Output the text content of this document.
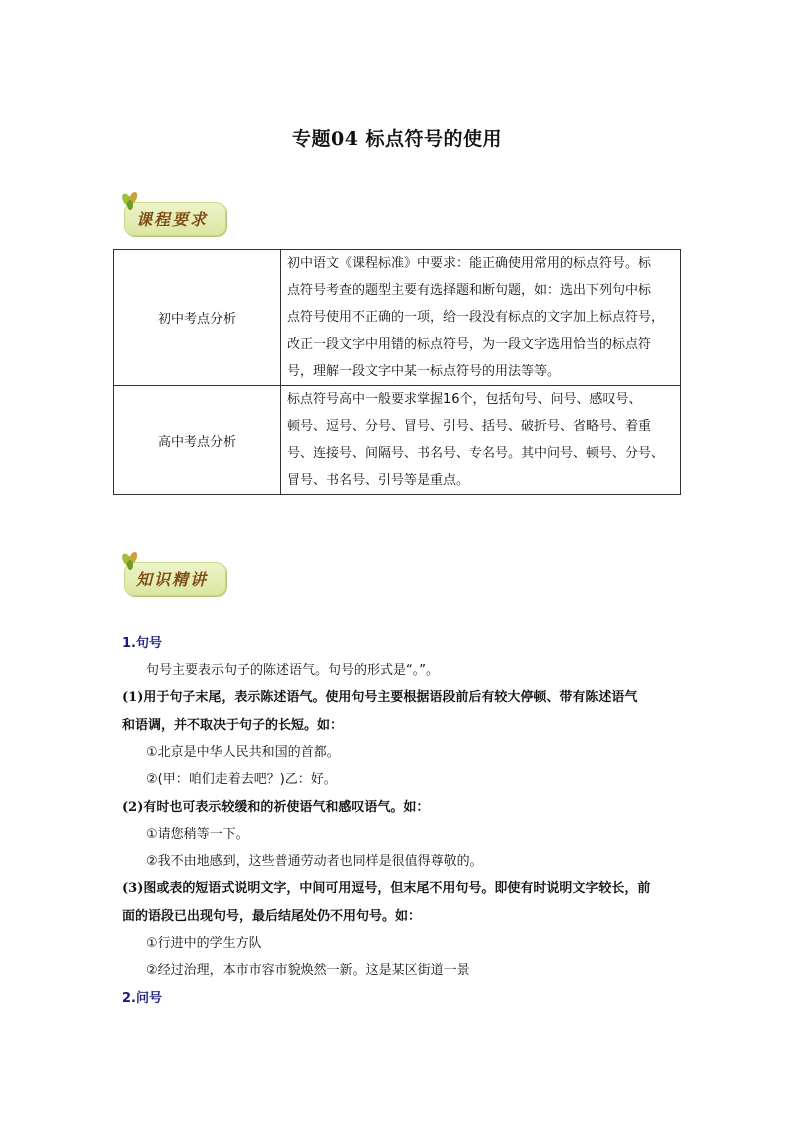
专题04 标点符号的使用
课程要求
初中考点分析	初中语文《课程标准》中要求：能正确使用常用的标点符号。标
点符号考查的题型主要有选择题和断句题，如：选出下列句中标
点符号使用不正确的一项，给一段没有标点的文字加上标点符号，
改正一段文字中用错的标点符号，为一段文字选用恰当的标点符
号，理解一段文字中某一标点符号的用法等等。

高中考点分析	标点符号高中一般要求掌握16个，包括句号、问号、感叹号、
顿号、逗号、分号、冒号、引号、括号、破折号、省略号、着重
号、连接号、间隔号、书名号、专名号。其中问号、顿号、分号、
冒号、书名号、引号等是重点。
知识精讲
1.句号
句号主要表示句子的陈述语气。句号的形式是“。”。
(1)用于句子末尾，表示陈述语气。使用句号主要根据语段前后有较大停顿、带有陈述语气
和语调，并不取决于句子的长短。如：
①北京是中华人民共和国的首都。
②(甲：咱们走着去吧？)乙：好。
(2)有时也可表示较缓和的祈使语气和感叹语气。如：
①请您稍等一下。
②我不由地感到，这些普通劳动者也同样是很值得尊敬的。
(3)图或表的短语式说明文字，中间可用逗号，但末尾不用句号。即使有时说明文字较长，前
面的语段已出现句号，最后结尾处仍不用句号。如：
①行进中的学生方队
②经过治理，本市市容市貌焕然一新。这是某区街道一景
2.问号
